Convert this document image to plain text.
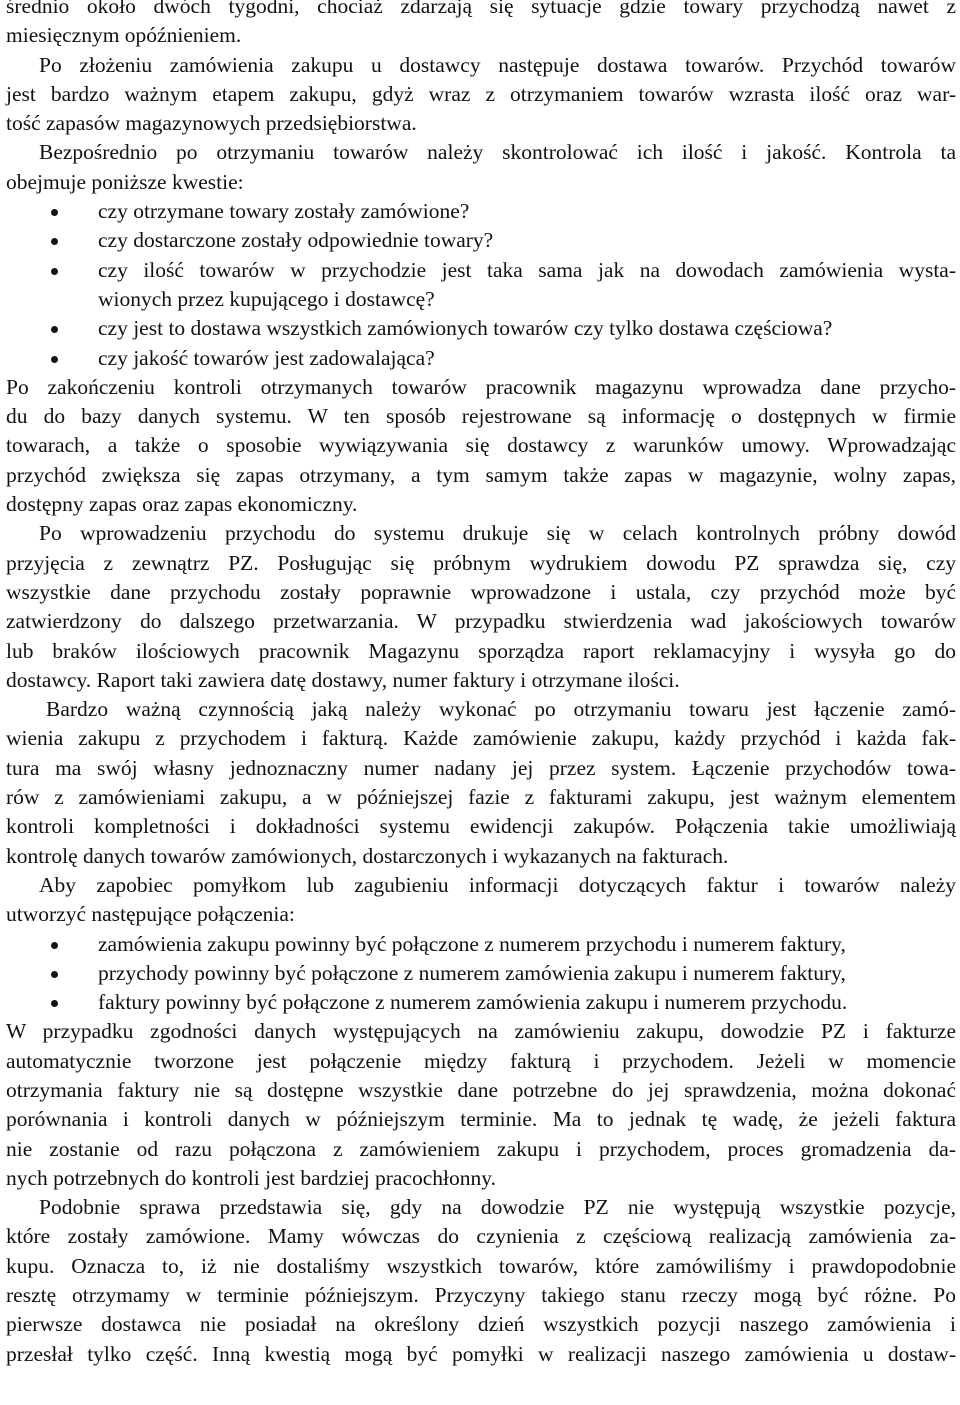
średnio około dwóch tygodni, chociaż zdarzają się sytuacje gdzie towary przychodzą nawet z
miesięcznym opóźnieniem.
Po złożeniu zamówienia zakupu u dostawcy następuje dostawa towarów. Przychód towarów
jest bardzo ważnym etapem zakupu, gdyż wraz z otrzymaniem towarów wzrasta ilość oraz war-
tość zapasów magazynowych przedsiębiorstwa.
Bezpośrednio po otrzymaniu towarów należy skontrolować ich ilość i jakość. Kontrola ta
obejmuje poniższe kwestie:
czy otrzymane towary zostały zamówione?
czy dostarczone zostały odpowiednie towary?
czy ilość towarów w przychodzie jest taka sama jak na dowodach zamówienia wysta-
wionych przez kupującego i dostawcę?
czy jest to dostawa wszystkich zamówionych towarów czy tylko dostawa częściowa?
czy jakość towarów jest zadowalająca?
Po zakończeniu kontroli otrzymanych towarów pracownik magazynu wprowadza dane przycho-
du do bazy danych systemu. W ten sposób rejestrowane są informację o dostępnych w firmie
towarach, a także o sposobie wywiązywania się dostawcy z warunków umowy. Wprowadzając
przychód zwiększa się zapas otrzymany, a tym samym także zapas w magazynie, wolny zapas,
dostępny zapas oraz zapas ekonomiczny.
Po wprowadzeniu przychodu do systemu drukuje się w celach kontrolnych próbny dowód
przyjęcia z zewnątrz PZ. Posługując się próbnym wydrukiem dowodu PZ sprawdza się, czy
wszystkie dane przychodu zostały poprawnie wprowadzone i ustala, czy przychód może być
zatwierdzony do dalszego przetwarzania. W przypadku stwierdzenia wad jakościowych towarów
lub braków ilościowych pracownik Magazynu sporządza raport reklamacyjny i wysyła go do
dostawcy. Raport taki zawiera datę dostawy, numer faktury i otrzymane ilości.
Bardzo ważną czynnością jaką należy wykonać po otrzymaniu towaru jest łączenie zamó-
wienia zakupu z przychodem i fakturą. Każde zamówienie zakupu, każdy przychód i każda fak-
tura ma swój własny jednoznaczny numer nadany jej przez system. Łączenie przychodów towa-
rów z zamówieniami zakupu, a w późniejszej fazie z fakturami zakupu, jest ważnym elementem
kontroli kompletności i dokładności systemu ewidencji zakupów. Połączenia takie umożliwiają
kontrolę danych towarów zamówionych, dostarczonych i wykazanych na fakturach.
Aby zapobiec pomyłkom lub zagubieniu informacji dotyczących faktur i towarów należy
utworzyć następujące połączenia:
zamówienia zakupu powinny być połączone z numerem przychodu i numerem faktury,
przychody powinny być połączone z numerem zamówienia zakupu i numerem faktury,
faktury powinny być połączone z numerem zamówienia zakupu i numerem przychodu.
W przypadku zgodności danych występujących na zamówieniu zakupu, dowodzie PZ i fakturze
automatycznie tworzone jest połączenie między fakturą i przychodem. Jeżeli w momencie
otrzymania faktury nie są dostępne wszystkie dane potrzebne do jej sprawdzenia, można dokonać
porównania i kontroli danych w późniejszym terminie. Ma to jednak tę wadę, że jeżeli faktura
nie zostanie od razu połączona z zamówieniem zakupu i przychodem, proces gromadzenia da-
nych potrzebnych do kontroli jest bardziej pracochłonny.
Podobnie sprawa przedstawia się, gdy na dowodzie PZ nie występują wszystkie pozycje,
które zostały zamówione. Mamy wówczas do czynienia z częściową realizacją zamówienia za-
kupu. Oznacza to, iż nie dostaliśmy wszystkich towarów, które zamówiliśmy i prawdopodobnie
resztę otrzymamy w terminie późniejszym. Przyczyny takiego stanu rzeczy mogą być różne. Po
pierwsze dostawca nie posiadał na określony dzień wszystkich pozycji naszego zamówienia i
przesłał tylko część. Inną kwestią mogą być pomyłki w realizacji naszego zamówienia u dostaw-
